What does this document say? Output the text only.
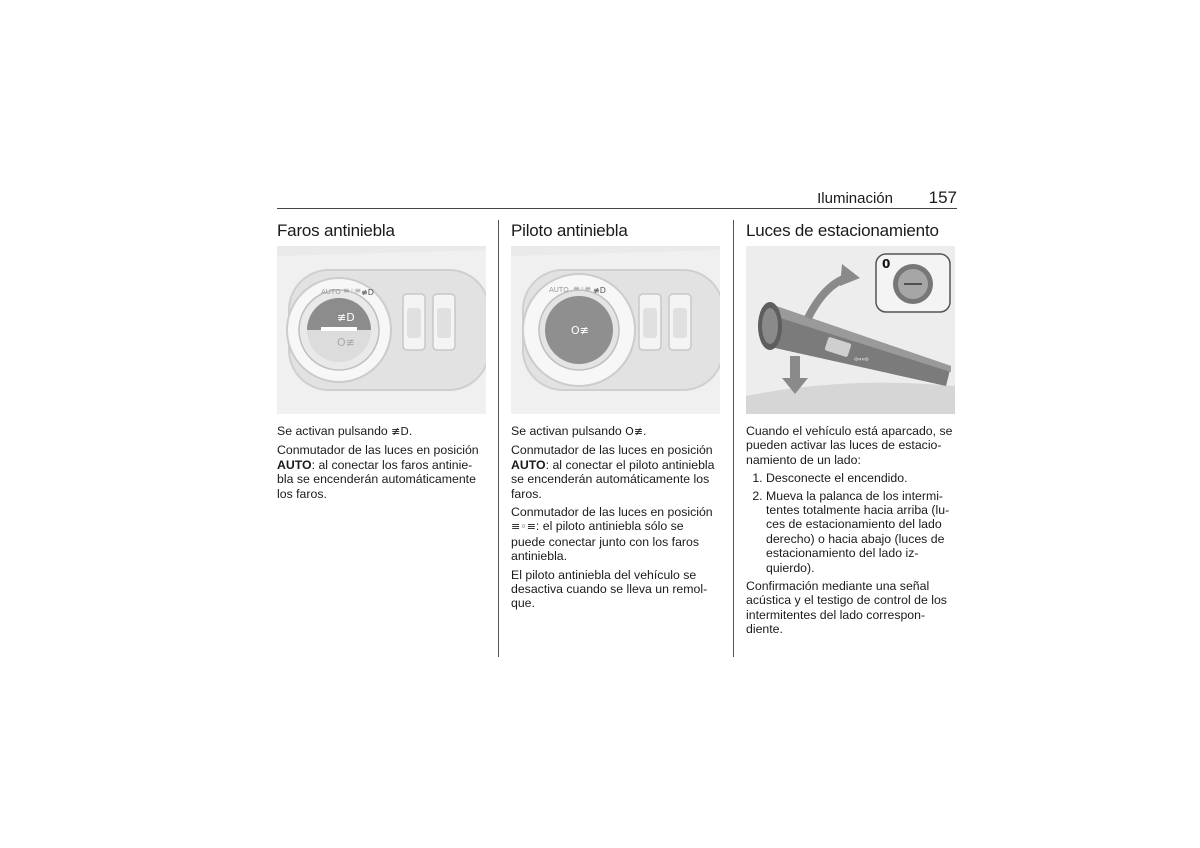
Iluminación 157
Faros antiniebla
≢D
O≢
AUTO ≡◦≡ ≢D

Se activan pulsando ≢D.

Conmutador de las luces en posición AUTO: al conectar los faros antinie-bla se encenderán automáticamente los faros.

Piloto antiniebla
O≢
AUTO ≡◦≡ ≢D

Se activan pulsando O≢.

Conmutador de las luces en posición AUTO: al conectar el piloto antiniebla se encenderán automáticamente los faros.

Conmutador de las luces en posición ≡◦≡: el piloto antiniebla sólo se puede conectar junto con los faros antiniebla.

El piloto antiniebla del vehículo se desactiva cuando se lleva un remol-que.

Luces de estacionamiento
⇦⇨
0

Cuando el vehículo está aparcado, se pueden activar las luces de estacio-namiento de un lado:

1. Desconecte el encendido.
2. Mueva la palanca de los intermi-tentes totalmente hacia arriba (lu-ces de estacionamiento del lado derecho) o hacia abajo (luces de estacionamiento del lado iz-quierdo).

Confirmación mediante una señal acústica y el testigo de control de los intermitentes del lado correspon-diente.
